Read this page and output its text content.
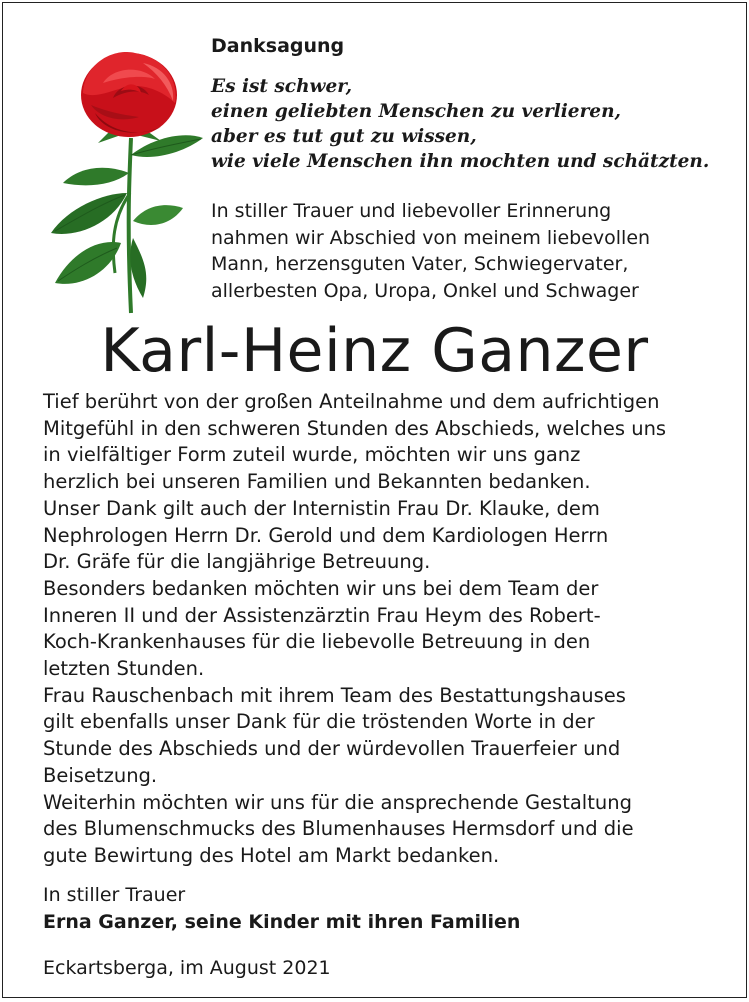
Danksagung
Es ist schwer,
einen geliebten Menschen zu verlieren,
aber es tut gut zu wissen,
wie viele Menschen ihn mochten und schätzten.
In stiller Trauer und liebevoller Erinnerung
nahmen wir Abschied von meinem liebevollen
Mann, herzensguten Vater, Schwiegervater,
allerbesten Opa, Uropa, Onkel und Schwager
Karl-Heinz Ganzer
Tief berührt von der großen Anteilnahme und dem aufrichtigen
Mitgefühl in den schweren Stunden des Abschieds, welches uns
in vielfältiger Form zuteil wurde, möchten wir uns ganz
herzlich bei unseren Familien und Bekannten bedanken.
Unser Dank gilt auch der Internistin Frau Dr. Klauke, dem
Nephrologen Herrn Dr. Gerold und dem Kardiologen Herrn
Dr. Gräfe für die langjährige Betreuung.
Besonders bedanken möchten wir uns bei dem Team der
Inneren II und der Assistenzärztin Frau Heym des Robert-
Koch-Krankenhauses für die liebevolle Betreuung in den
letzten Stunden.
Frau Rauschenbach mit ihrem Team des Bestattungshauses
gilt ebenfalls unser Dank für die tröstenden Worte in der
Stunde des Abschieds und der würdevollen Trauerfeier und
Beisetzung.
Weiterhin möchten wir uns für die ansprechende Gestaltung
des Blumenschmucks des Blumenhauses Hermsdorf und die
gute Bewirtung des Hotel am Markt bedanken.
In stiller Trauer
Erna Ganzer, seine Kinder mit ihren Familien
Eckartsberga, im August 2021
